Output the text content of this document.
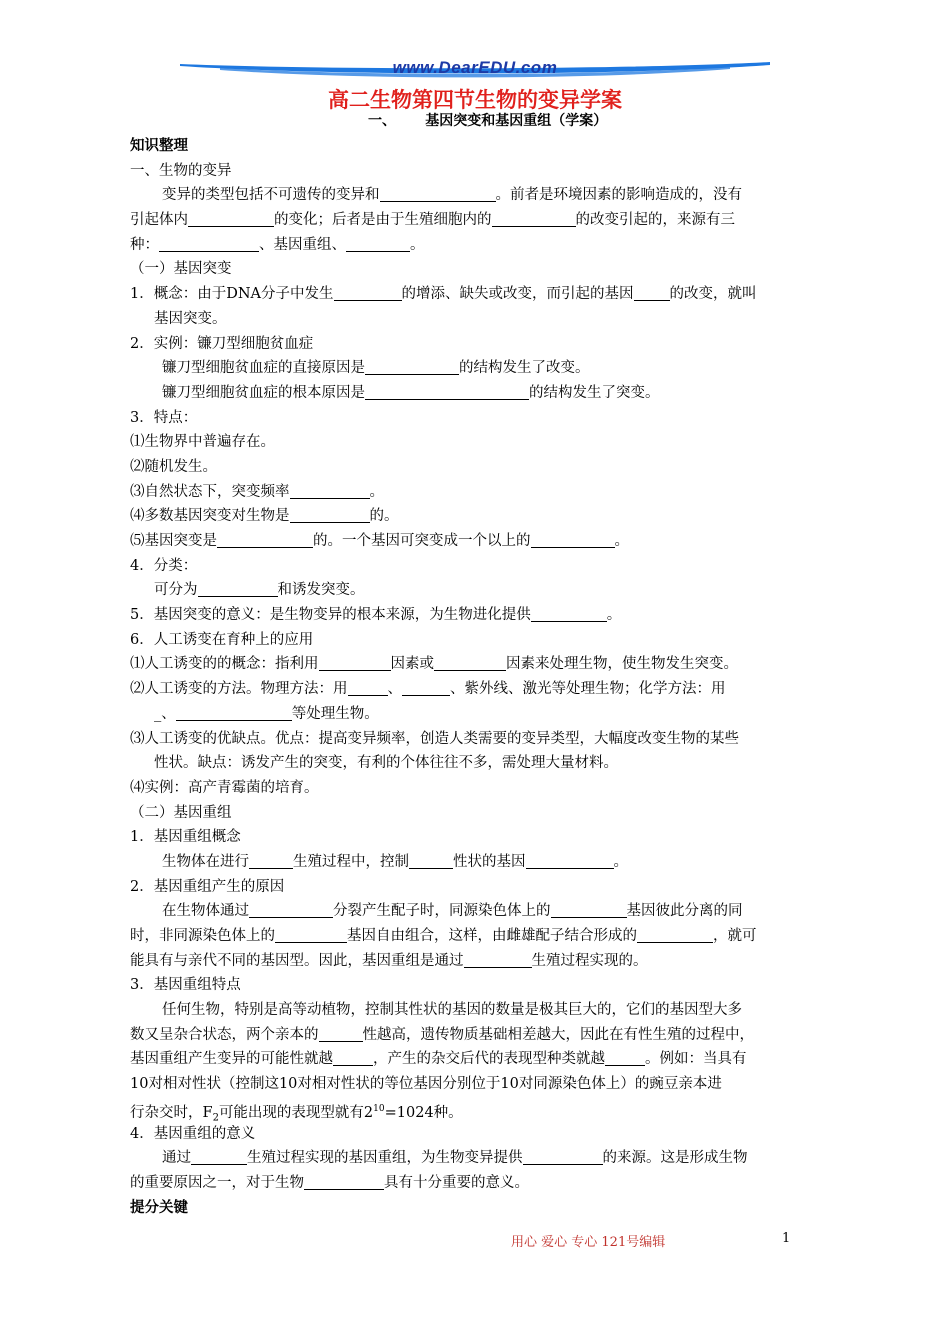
www.DearEDU.com
高二生物第四节生物的变异学案
一、      基因突变和基因重组（学案）
知识整理
一、生物的变异
变异的类型包括不可遗传的变异和	。前者是环境因素的影响造成的，没有
引起体内	的变化；后者是由于生殖细胞内的	的改变引起的，来源有三
种：	、基因重组、	。
（一）基因突变
1．概念：由于DNA分子中发生	的增添、缺失或改变，而引起的基因 的改变，就叫
基因突变。
2．实例：镰刀型细胞贫血症
镰刀型细胞贫血症的直接原因是	的结构发生了改变。
镰刀型细胞贫血症的根本原因是	的结构发生了突变。
3．特点：
⑴生物界中普遍存在。
⑵随机发生。
⑶自然状态下，突变频率	。
⑷多数基因突变对生物是	的。
⑸基因突变是	的。一个基因可突变成一个以上的	。
4．分类：
可分为	和诱发突变。
5．基因突变的意义：是生物变异的根本来源，为生物进化提供	。
6．人工诱变在育种上的应用
⑴人工诱变的的概念：指利用	因素或	因素来处理生物，使生物发生突变。
⑵人工诱变的方法。物理方法：用	、	、紫外线、激光等处理生物；化学方法：用
_、	等处理生物。
⑶人工诱变的优缺点。优点：提高变异频率，创造人类需要的变异类型，大幅度改变生物的某些
性状。缺点：诱发产生的突变，有利的个体往往不多，需处理大量材料。
⑷实例：高产青霉菌的培育。
（二）基因重组
1．基因重组概念
生物体在进行	生殖过程中，控制	性状的基因	。
2．基因重组产生的原因
在生物体通过	分裂产生配子时，同源染色体上的	基因彼此分离的同
时，非同源染色体上的	基因自由组合，这样，由雌雄配子结合形成的	，就可
能具有与亲代不同的基因型。因此，基因重组是通过	生殖过程实现的。
3．基因重组特点
任何生物，特别是高等动植物，控制其性状的基因的数量是极其巨大的，它们的基因型大多
数又呈杂合状态，两个亲本的	性越高，遗传物质基础相差越大，因此在有性生殖的过程中，
基因重组产生变异的可能性就越	，产生的杂交后代的表现型种类就越	。例如：当具有
10对相对性状（控制这10对相对性状的等位基因分别位于10对同源染色体上）的豌豆亲本进
行杂交时，$F_2$可能出现的表现型就有$2^{10}=1024$种。
4．基因重组的意义
通过	生殖过程实现的基因重组，为生物变异提供	的来源。这是形成生物
的重要原因之一，对于生物	具有十分重要的意义。
提分关键
用心 爱心 专心 121号编辑	1
